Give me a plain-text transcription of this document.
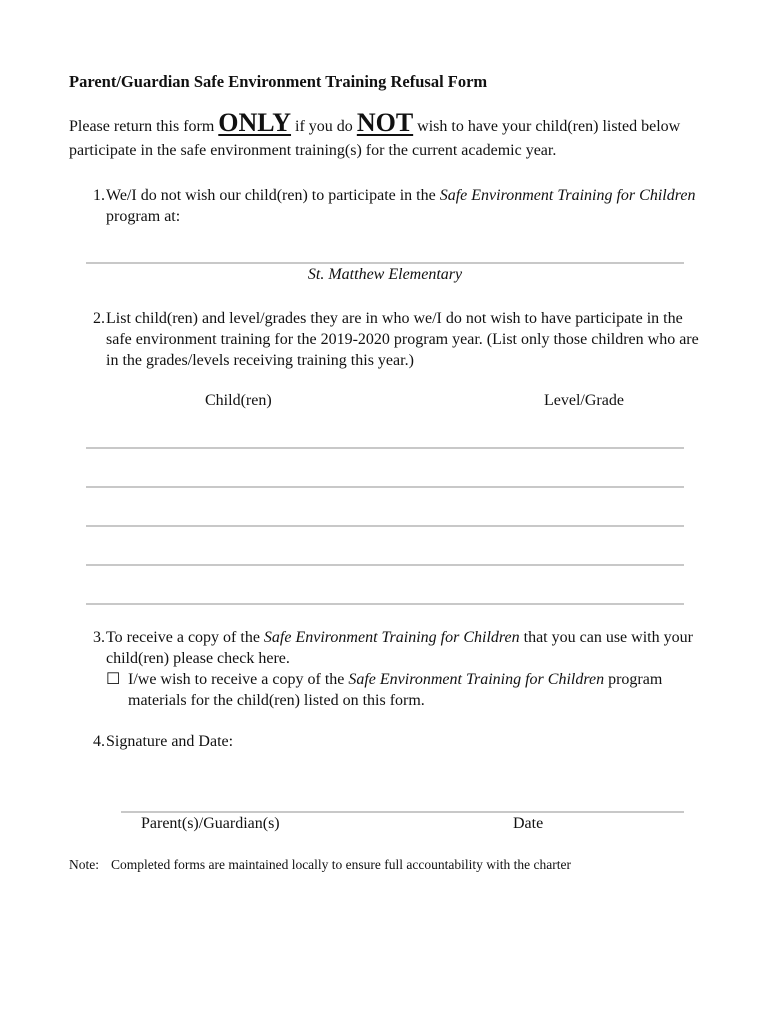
Parent/Guardian Safe Environment Training Refusal Form
Please return this form ONLY if you do NOT wish to have your child(ren) listed below participate in the safe environment training(s) for the current academic year.
1. We/I do not wish our child(ren) to participate in the Safe Environment Training for Children program at:
St. Matthew Elementary
2. List child(ren) and level/grades they are in who we/I do not wish to have participate in the safe environment training for the 2019-2020 program year. (List only those children who are in the grades/levels receiving training this year.)
Child(ren)	Level/Grade
3. To receive a copy of the Safe Environment Training for Children that you can use with your child(ren) please check here.
☐ I/we wish to receive a copy of the Safe Environment Training for Children program materials for the child(ren) listed on this form.
4. Signature and Date:
Parent(s)/Guardian(s)	Date
Note: Completed forms are maintained locally to ensure full accountability with the charter
